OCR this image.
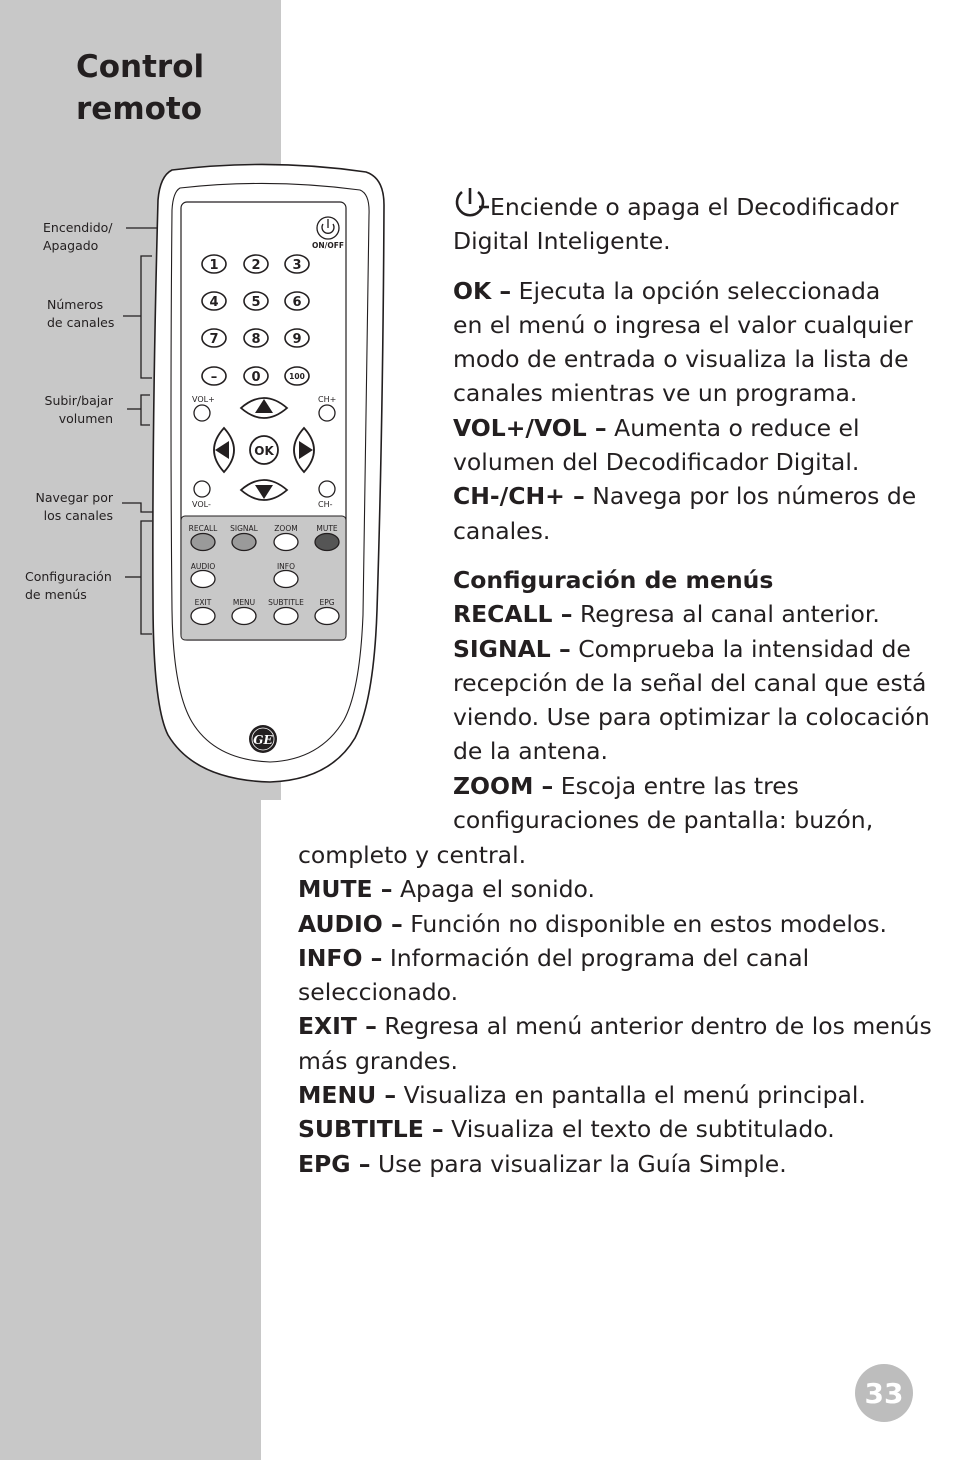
Control
remoto
Encendido/
Apagado
Números
de canales
Subir/bajar
volumen
Navegar por
los canales
Configuración
de menús
ON/OFF
1	2 3
4	5 6
7	8 9
–	0	100
VOL+	CH+
VOL-	CH-
OK
RECALL SIGNAL ZOOM MUTE
AUDIO	INFO
EXIT	MENU SUBTITLE EPG
GE

Enciende o apaga el Decodificador

Digital Inteligente.

OK – Ejecuta la opción seleccionada

en el menú o ingresa el valor cualquier

modo de entrada o visualiza la lista de

canales mientras ve un programa.

VOL+/VOL – Aumenta o reduce el

volumen del Decodificador Digital.

CH-/CH+ – Navega por los números de

canales.

Configuración de menús

RECALL – Regresa al canal anterior.

SIGNAL – Comprueba la intensidad de

recepción de la señal del canal que está

viendo. Use para optimizar la colocación

de la antena.

ZOOM – Escoja entre las tres

configuraciones de pantalla: buzón,

completo y central.

MUTE – Apaga el sonido.

AUDIO – Función no disponible en estos modelos.

INFO – Información del programa del canal

seleccionado.

EXIT – Regresa al menú anterior dentro de los menús

más grandes.

MENU – Visualiza en pantalla el menú principal.

SUBTITLE – Visualiza el texto de subtitulado.

EPG – Use para visualizar la Guía Simple.

33
